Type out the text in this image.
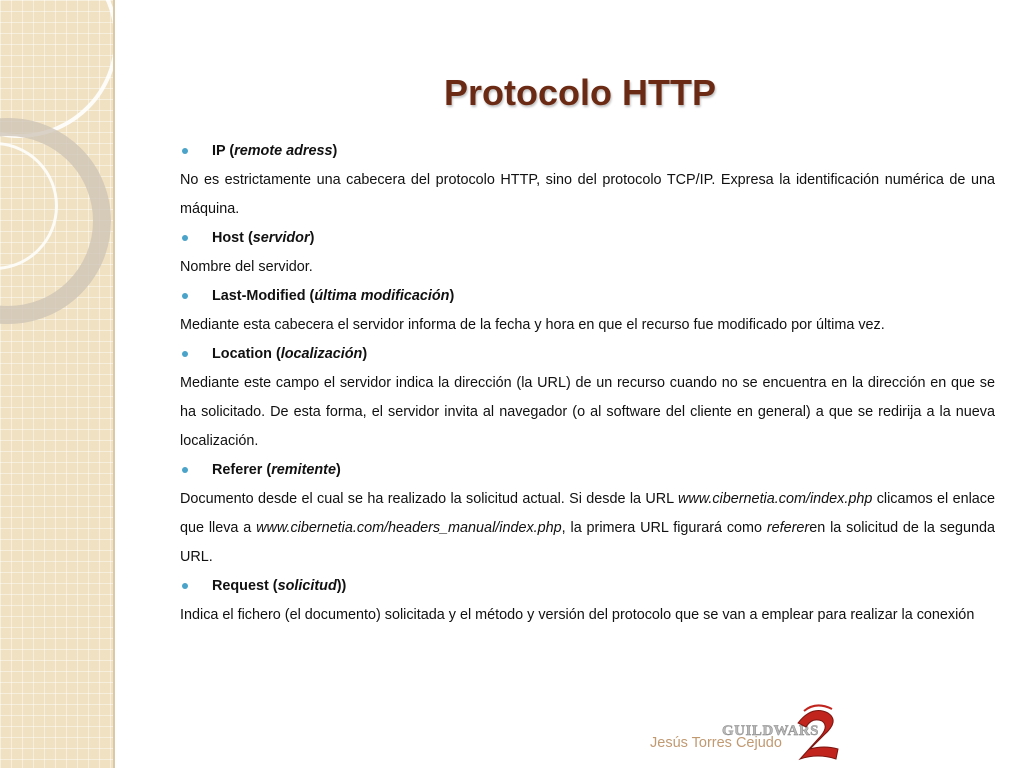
Protocolo HTTP
IP (remote adress)
No es estrictamente una cabecera del protocolo HTTP, sino del protocolo TCP/IP. Expresa la identificación numérica de una máquina.
Host (servidor)
Nombre del servidor.
Last-Modified (última modificación)
Mediante esta cabecera el servidor informa de la fecha y hora en que el recurso fue modificado por última vez.
Location (localización)
Mediante este campo el servidor indica la dirección (la URL) de un recurso cuando no se encuentra en la dirección en que se ha solicitado. De esta forma, el servidor invita al navegador (o al software del cliente en general) a que se redirija a la nueva localización.
Referer (remitente)
Documento desde el cual se ha realizado la solicitud actual. Si desde la URL www.cibernetia.com/index.php clicamos el enlace que lleva a www.cibernetia.com/headers_manual/index.php, la primera URL figurará como refereren la solicitud de la segunda URL.
Request (solicitud))
Indica el fichero (el documento) solicitada y el método y versión del protocolo que se van a emplear para realizar la conexión
Jesús Torres Cejudo
GUILDWARS
2
